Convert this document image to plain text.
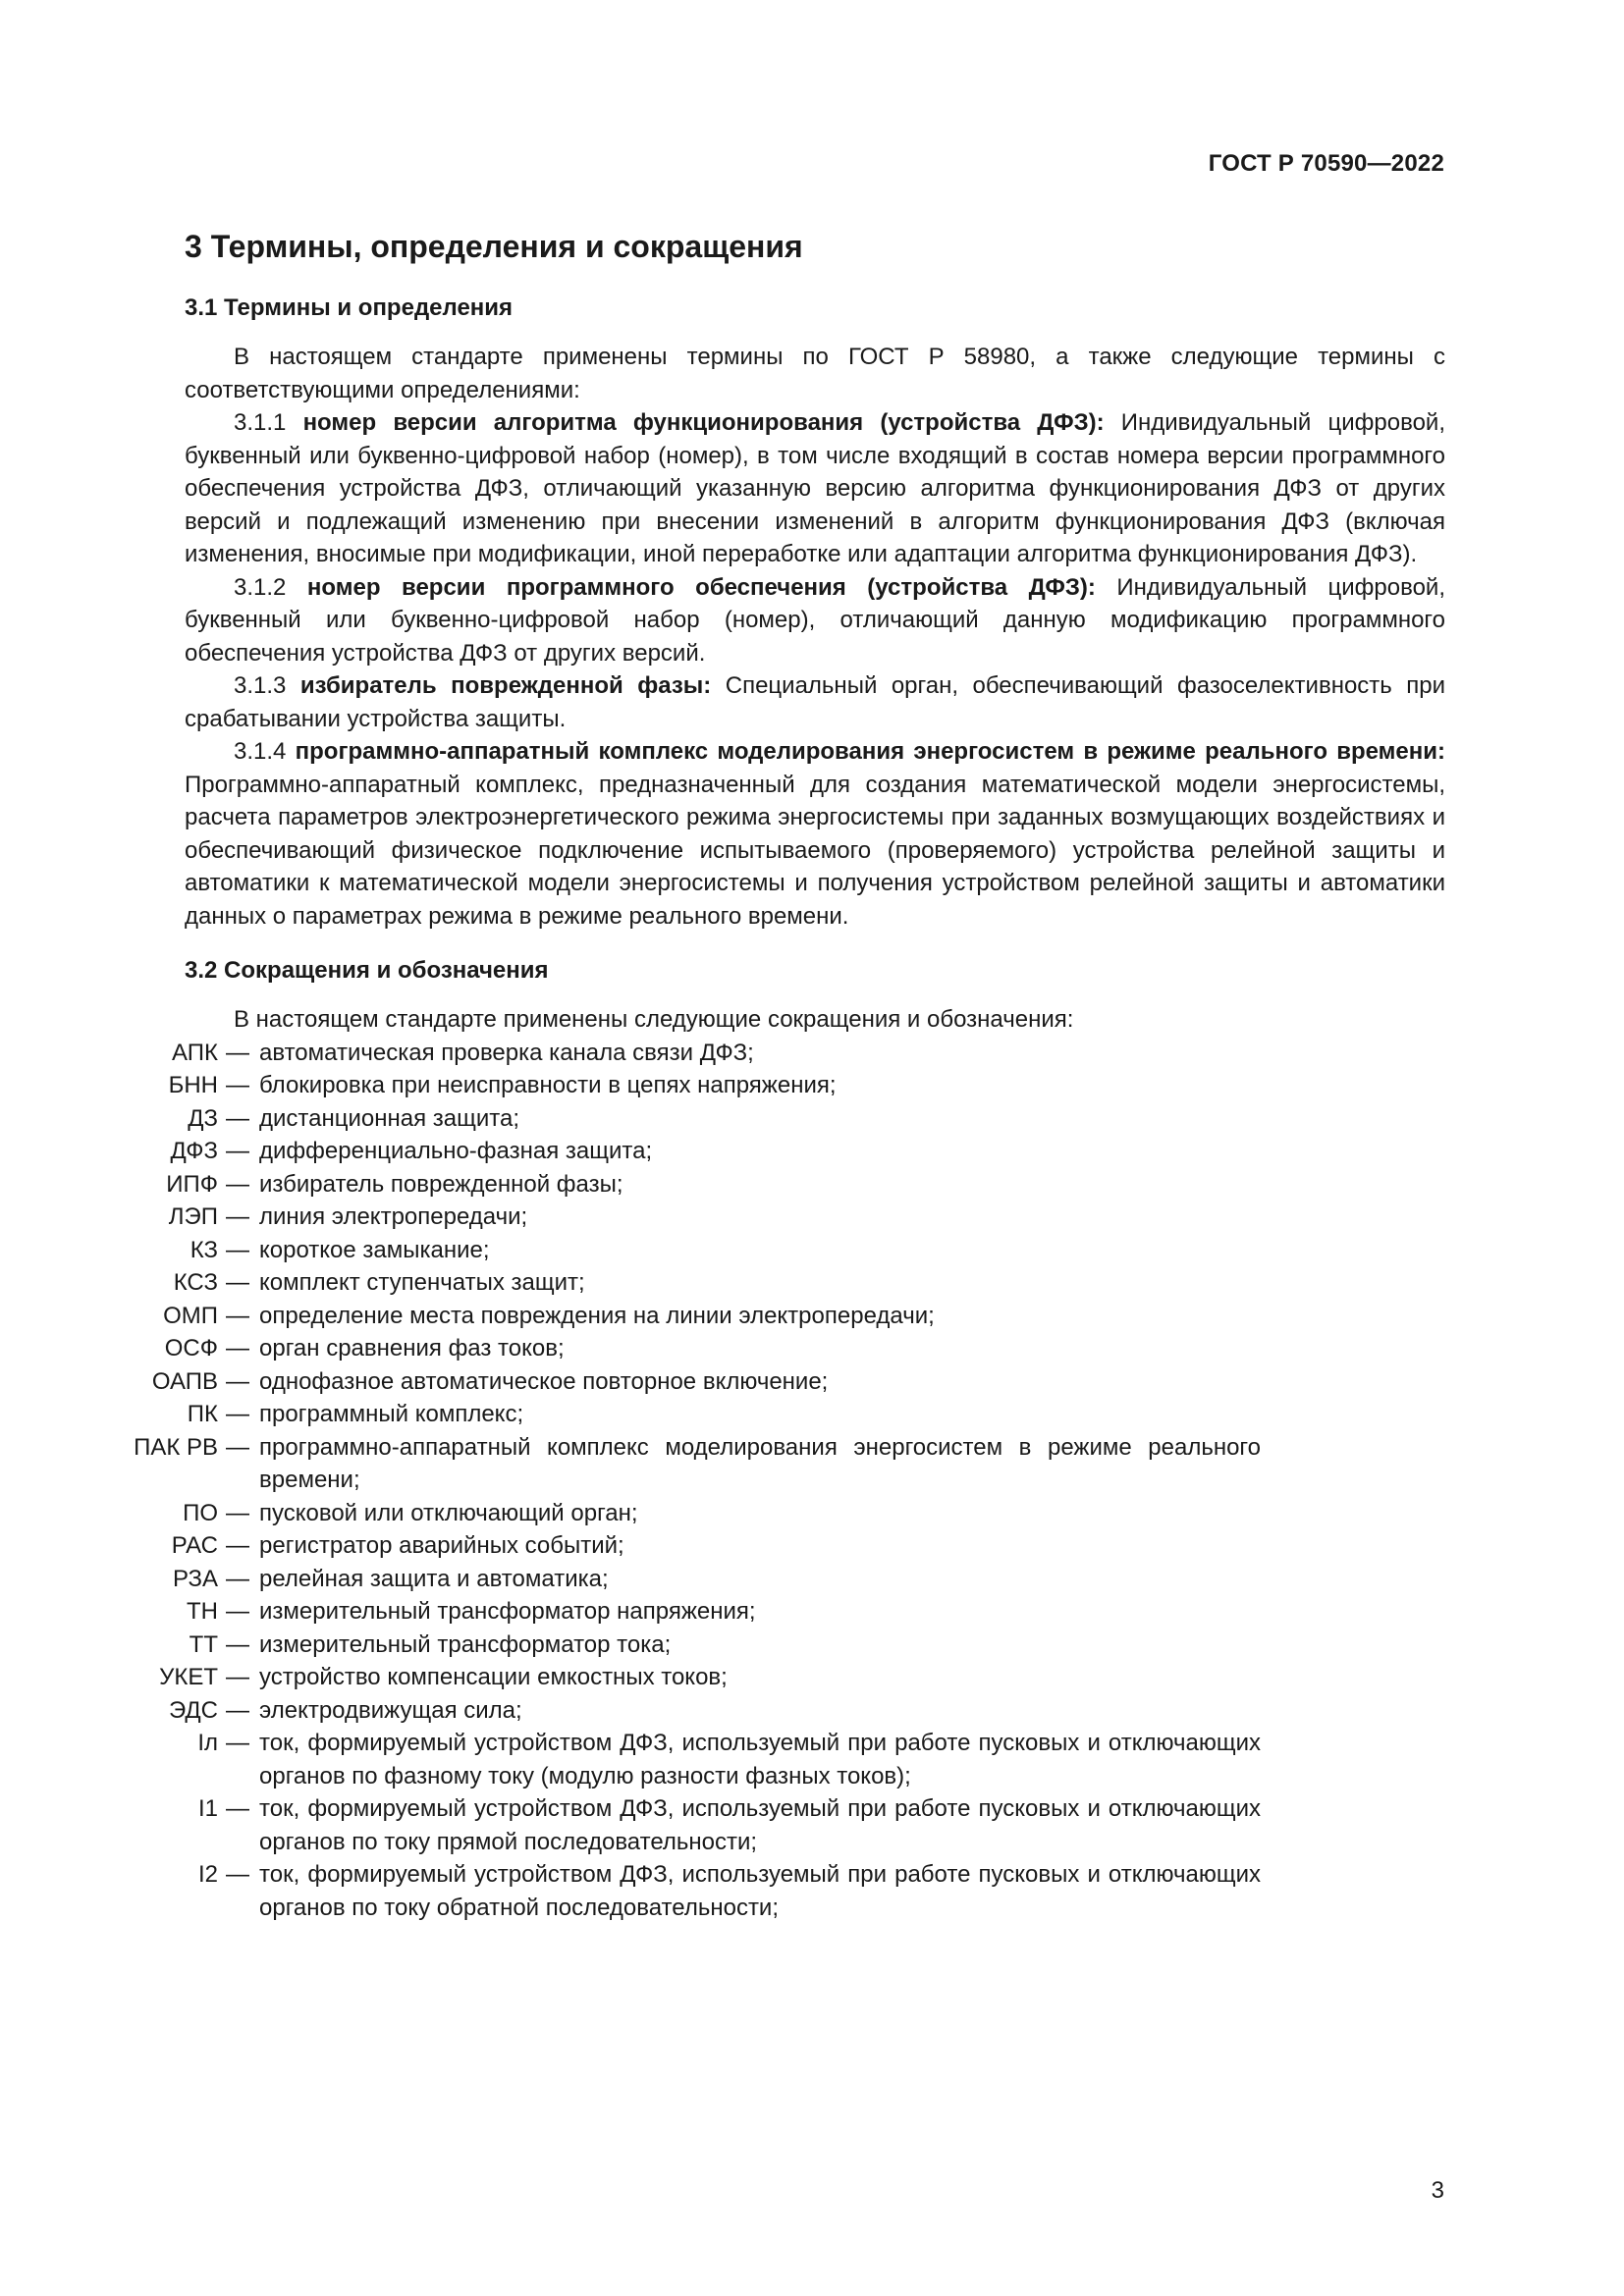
ГОСТ Р 70590—2022
3 Термины, определения и сокращения
3.1 Термины и определения

В настоящем стандарте применены термины по ГОСТ Р 58980, а также следующие термины с соответствующими определениями:

3.1.1 номер версии алгоритма функционирования (устройства ДФЗ): Индивидуальный цифровой, буквенный или буквенно-цифровой набор (номер), в том числе входящий в состав номера версии программного обеспечения устройства ДФЗ, отличающий указанную версию алгоритма функционирования ДФЗ от других версий и подлежащий изменению при внесении изменений в алгоритм функционирования ДФЗ (включая изменения, вносимые при модификации, иной переработке или адаптации алгоритма функционирования ДФЗ).

3.1.2 номер версии программного обеспечения (устройства ДФЗ): Индивидуальный цифровой, буквенный или буквенно-цифровой набор (номер), отличающий данную модификацию программного обеспечения устройства ДФЗ от других версий.

3.1.3 избиратель поврежденной фазы: Специальный орган, обеспечивающий фазоселективность при срабатывании устройства защиты.

3.1.4 программно-аппаратный комплекс моделирования энергосистем в режиме реального времени: Программно-аппаратный комплекс, предназначенный для создания математической модели энергосистемы, расчета параметров электроэнергетического режима энергосистемы при заданных возмущающих воздействиях и обеспечивающий физическое подключение испытываемого (проверяемого) устройства релейной защиты и автоматики к математической модели энергосистемы и получения устройством релейной защиты и автоматики данных о параметрах режима в режиме реального времени.

3.2 Сокращения и обозначения

В настоящем стандарте применены следующие сокращения и обозначения:

АПК — автоматическая проверка канала связи ДФЗ;
БНН — блокировка при неисправности в цепях напряжения;
ДЗ — дистанционная защита;
ДФЗ — дифференциально-фазная защита;
ИПФ — избиратель поврежденной фазы;
ЛЭП — линия электропередачи;
КЗ — короткое замыкание;
КСЗ — комплект ступенчатых защит;
ОМП — определение места повреждения на линии электропередачи;
ОСФ — орган сравнения фаз токов;
ОАПВ — однофазное автоматическое повторное включение;
ПК — программный комплекс;
ПАК РВ — программно-аппаратный комплекс моделирования энергосистем в режиме реального времени;
ПО — пусковой или отключающий орган;
РАС — регистратор аварийных событий;
РЗА — релейная защита и автоматика;
ТН — измерительный трансформатор напряжения;
ТТ — измерительный трансформатор тока;
УКЕТ — устройство компенсации емкостных токов;
ЭДС — электродвижущая сила;
Iл — ток, формируемый устройством ДФЗ, используемый при работе пусковых и отключающих органов по фазному току (модулю разности фазных токов);
I1 — ток, формируемый устройством ДФЗ, используемый при работе пусковых и отключающих органов по току прямой последовательности;
I2 — ток, формируемый устройством ДФЗ, используемый при работе пусковых и отключающих органов по току обратной последовательности;
3
